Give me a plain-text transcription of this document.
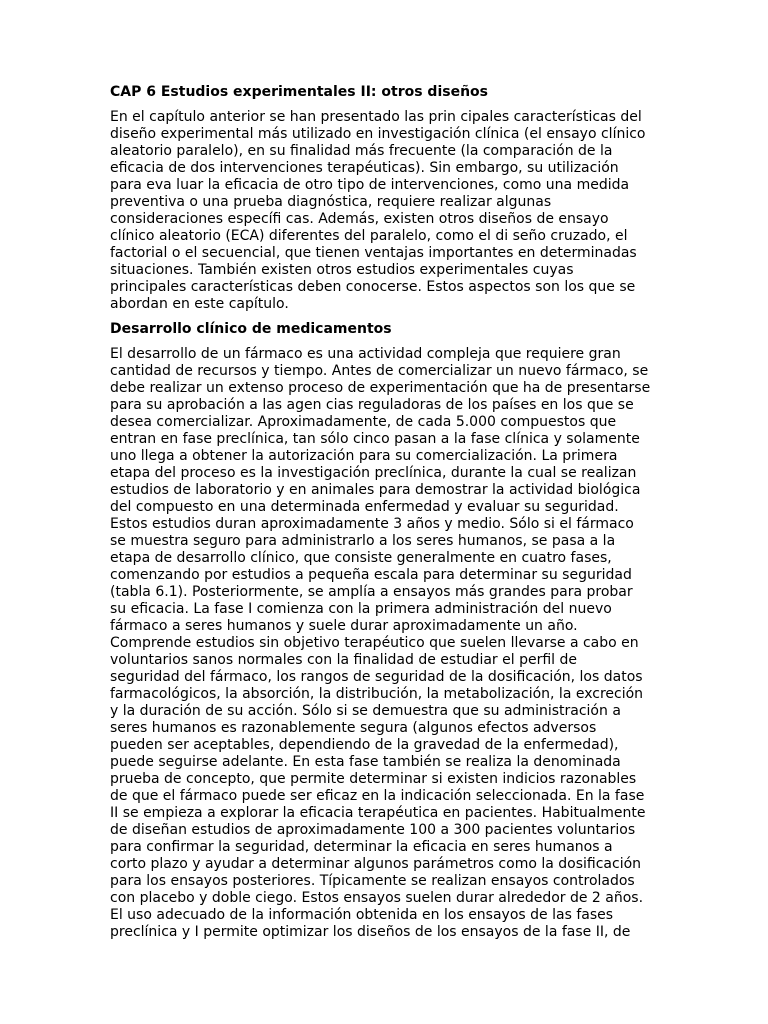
CAP 6 Estudios experimentales II: otros diseños
En el capítulo anterior se han presentado las prin cipales características del
diseño experimental más utilizado en investigación clínica (el ensayo clínico
aleatorio paralelo), en su finalidad más frecuente (la comparación de la
eficacia de dos intervenciones terapéuticas). Sin embargo, su utilización
para eva luar la eficacia de otro tipo de intervenciones, como una medida
preventiva o una prueba diagnóstica, requiere realizar algunas
consideraciones específi cas. Además, existen otros diseños de ensayo
clínico aleatorio (ECA) diferentes del paralelo, como el di seño cruzado, el
factorial o el secuencial, que tienen ventajas importantes en determinadas
situaciones. También existen otros estudios experimentales cuyas
principales características deben conocerse. Estos aspectos son los que se
abordan en este capítulo.
Desarrollo clínico de medicamentos
El desarrollo de un fármaco es una actividad compleja que requiere gran
cantidad de recursos y tiempo. Antes de comercializar un nuevo fármaco, se
debe realizar un extenso proceso de experimentación que ha de presentarse
para su aprobación a las agen cias reguladoras de los países en los que se
desea comercializar. Aproximadamente, de cada 5.000 compuestos que
entran en fase preclínica, tan sólo cinco pasan a la fase clínica y solamente
uno llega a obtener la autorización para su comercialización. La primera
etapa del proceso es la investigación preclínica, durante la cual se realizan
estudios de laboratorio y en animales para demostrar la actividad biológica
del compuesto en una determinada enfermedad y evaluar su seguridad.
Estos estudios duran aproximadamente 3 años y medio. Sólo si el fármaco
se muestra seguro para administrarlo a los seres humanos, se pasa a la
etapa de desarrollo clínico, que consiste generalmente en cuatro fases,
comenzando por estudios a pequeña escala para determinar su seguridad
(tabla 6.1). Posteriormente, se amplía a ensayos más grandes para probar
su eficacia. La fase I comienza con la primera administración del nuevo
fármaco a seres humanos y suele durar aproximadamente un año.
Comprende estudios sin objetivo terapéutico que suelen llevarse a cabo en
voluntarios sanos normales con la finalidad de estudiar el perfil de
seguridad del fármaco, los rangos de seguridad de la dosificación, los datos
farmacológicos, la absorción, la distribución, la metabolización, la excreción
y la duración de su acción. Sólo si se demuestra que su administración a
seres humanos es razonablemente segura (algunos efectos adversos
pueden ser aceptables, dependiendo de la gravedad de la enfermedad),
puede seguirse adelante. En esta fase también se realiza la denominada
prueba de concepto, que permite determinar si existen indicios razonables
de que el fármaco puede ser eficaz en la indicación seleccionada. En la fase
II se empieza a explorar la eficacia terapéutica en pacientes. Habitualmente
de diseñan estudios de aproximadamente 100 a 300 pacientes voluntarios
para confirmar la seguridad, determinar la eficacia en seres humanos a
corto plazo y ayudar a determinar algunos parámetros como la dosificación
para los ensayos posteriores. Típicamente se realizan ensayos controlados
con placebo y doble ciego. Estos ensayos suelen durar alrededor de 2 años.
El uso adecuado de la información obtenida en los ensayos de las fases
preclínica y I permite optimizar los diseños de los ensayos de la fase II, de
